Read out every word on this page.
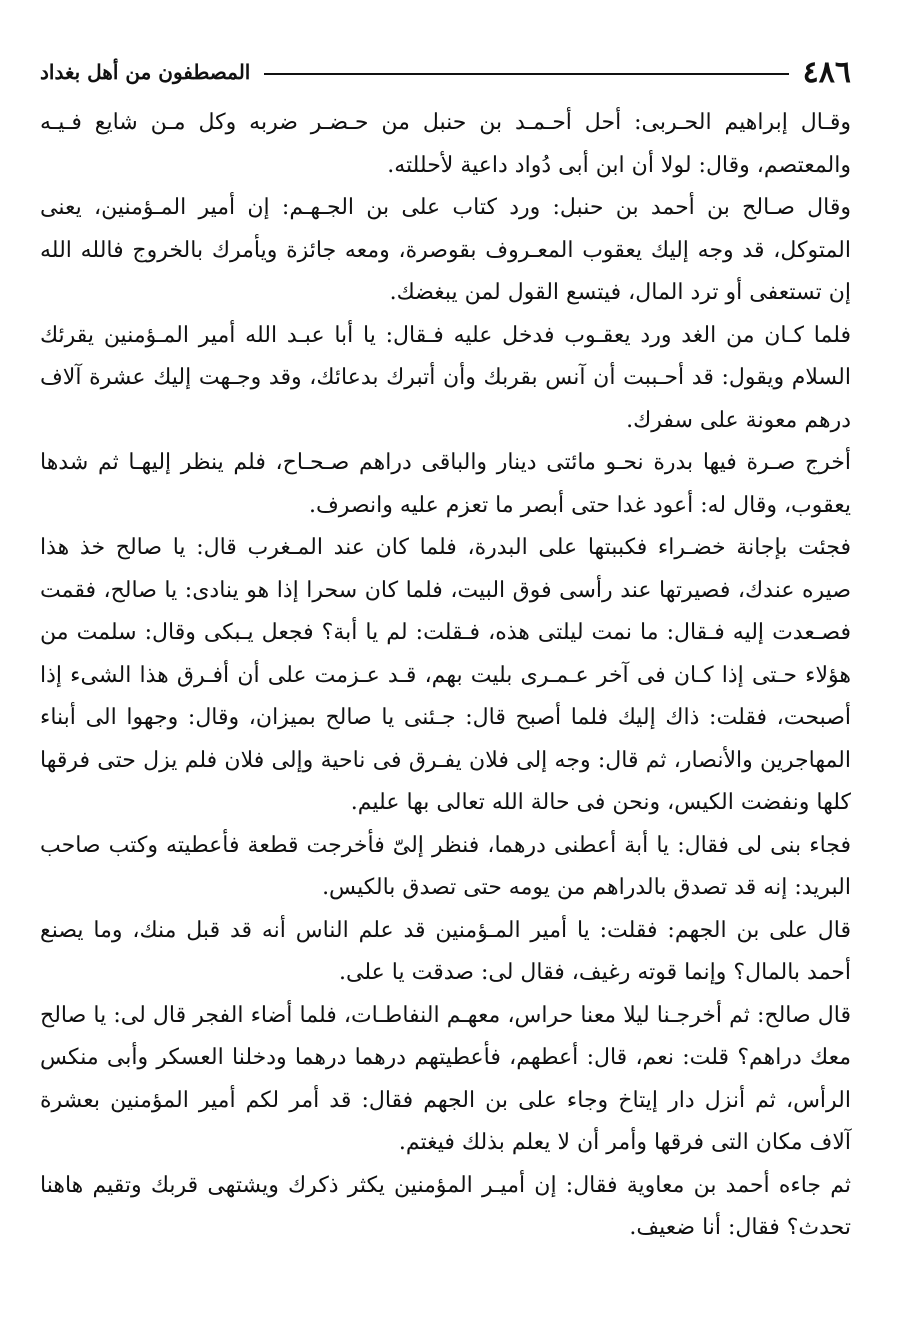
٤٨٦
المصطفون من أهل بغداد

وقـال إبراهيم الحـربى: أحل أحـمـد بن حنبل من حـضـر ضربه وكل مـن شايع فـيـه والمعتصم، وقال: لولا أن ابن أبى دُواد داعية لأحللته.

وقال صـالح بن أحمد بن حنبل: ورد كتاب على بن الجـهـم: إن أمير المـؤمنين، يعنى المتوكل، قد وجه إليك يعقوب المعـروف بقوصرة، ومعه جائزة ويأمرك بالخروج فالله الله إن تستعفى أو ترد المال، فيتسع القول لمن يبغضك.

فلما كـان من الغد ورد يعقـوب فدخل عليه فـقال: يا أبا عبـد الله أمير المـؤمنين يقرئك السلام ويقول: قد أحـببت أن آنس بقربك وأن أتبرك بدعائك، وقد وجـهت إليك عشرة آلاف درهم معونة على سفرك.

أخرج صـرة فيها بدرة نحـو مائتى دينار والباقى دراهم صـحـاح، فلم ينظر إليهـا ثم شدها يعقوب، وقال له: أعود غدا حتى أبصر ما تعزم عليه وانصرف.

فجئت بإجانة خضـراء فكببتها على البدرة، فلما كان عند المـغرب قال: يا صالح خذ هذا صيره عندك، فصيرتها عند رأسى فوق البيت، فلما كان سحرا إذا هو ينادى: يا صالح، فقمت فصـعدت إليه فـقال: ما نمت ليلتى هذه، فـقلت: لم يا أبة؟ فجعل يـبكى وقال: سلمت من هؤلاء حـتى إذا كـان فى آخر عـمـرى بليت بهم، قـد عـزمت على أن أفـرق هذا الشىء إذا أصبحت، فقلت: ذاك إليك فلما أصبح قال: جـئنى يا صالح بميزان، وقال: وجهوا الى أبناء المهاجرين والأنصار، ثم قال: وجه إلى فلان يفـرق فى ناحية وإلى فلان فلم يزل حتى فرقها كلها ونفضت الكيس، ونحن فى حالة الله تعالى بها عليم.

فجاء بنى لى فقال: يا أبة أعطنى درهما، فنظر إلىّ فأخرجت قطعة فأعطيته وكتب صاحب البريد: إنه قد تصدق بالدراهم من يومه حتى تصدق بالكيس.

قال على بن الجهم: فقلت: يا أمير المـؤمنين قد علم الناس أنه قد قبل منك، وما يصنع أحمد بالمال؟ وإنما قوته رغيف، فقال لى: صدقت يا على.

قال صالح: ثم أخرجـنا ليلا معنا حراس، معهـم النفاطـات، فلما أضاء الفجر قال لى: يا صالح معك دراهم؟ قلت: نعم، قال: أعطهم، فأعطيتهم درهما درهما ودخلنا العسكر وأبى منكس الرأس، ثم أنزل دار إيتاخ وجاء على بن الجهم فقال: قد أمر لكم أمير المؤمنين بعشرة آلاف مكان التى فرقها وأمر أن لا يعلم بذلك فيغتم.

ثم جاءه أحمد بن معاوية فقال: إن أميـر المؤمنين يكثر ذكرك ويشتهى قربك وتقيم هاهنا تحدث؟ فقال: أنا ضعيف.
